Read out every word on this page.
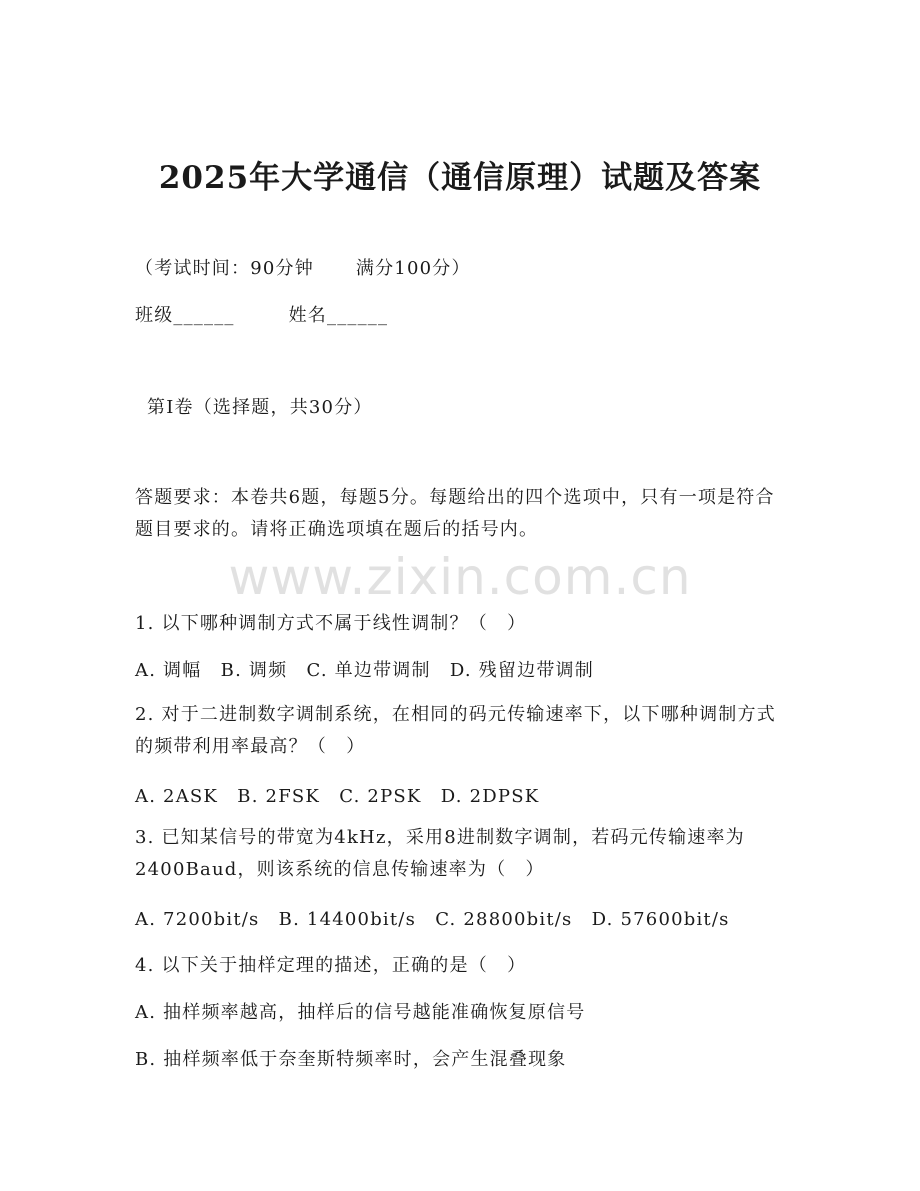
2025年大学通信（通信原理）试题及答案
（考试时间：90分钟 满分100分）
班级______	姓名______
第Ⅰ卷（选择题，共30分）
答题要求：本卷共6题，每题5分。每题给出的四个选项中，只有一项是符合题目要求的。请将正确选项填在题后的括号内。
www.zixin.com.cn
1. 以下哪种调制方式不属于线性调制？（　）
A. 调幅　B. 调频　C. 单边带调制　D. 残留边带调制
2. 对于二进制数字调制系统，在相同的码元传输速率下，以下哪种调制方式的频带利用率最高？（　）
A. 2ASK　B. 2FSK　C. 2PSK　D. 2DPSK
3. 已知某信号的带宽为4kHz，采用8进制数字调制，若码元传输速率为2400Baud，则该系统的信息传输速率为（　）
A. 7200bit/s　B. 14400bit/s　C. 28800bit/s　D. 57600bit/s
4. 以下关于抽样定理的描述，正确的是（　）
A. 抽样频率越高，抽样后的信号越能准确恢复原信号
B. 抽样频率低于奈奎斯特频率时，会产生混叠现象
